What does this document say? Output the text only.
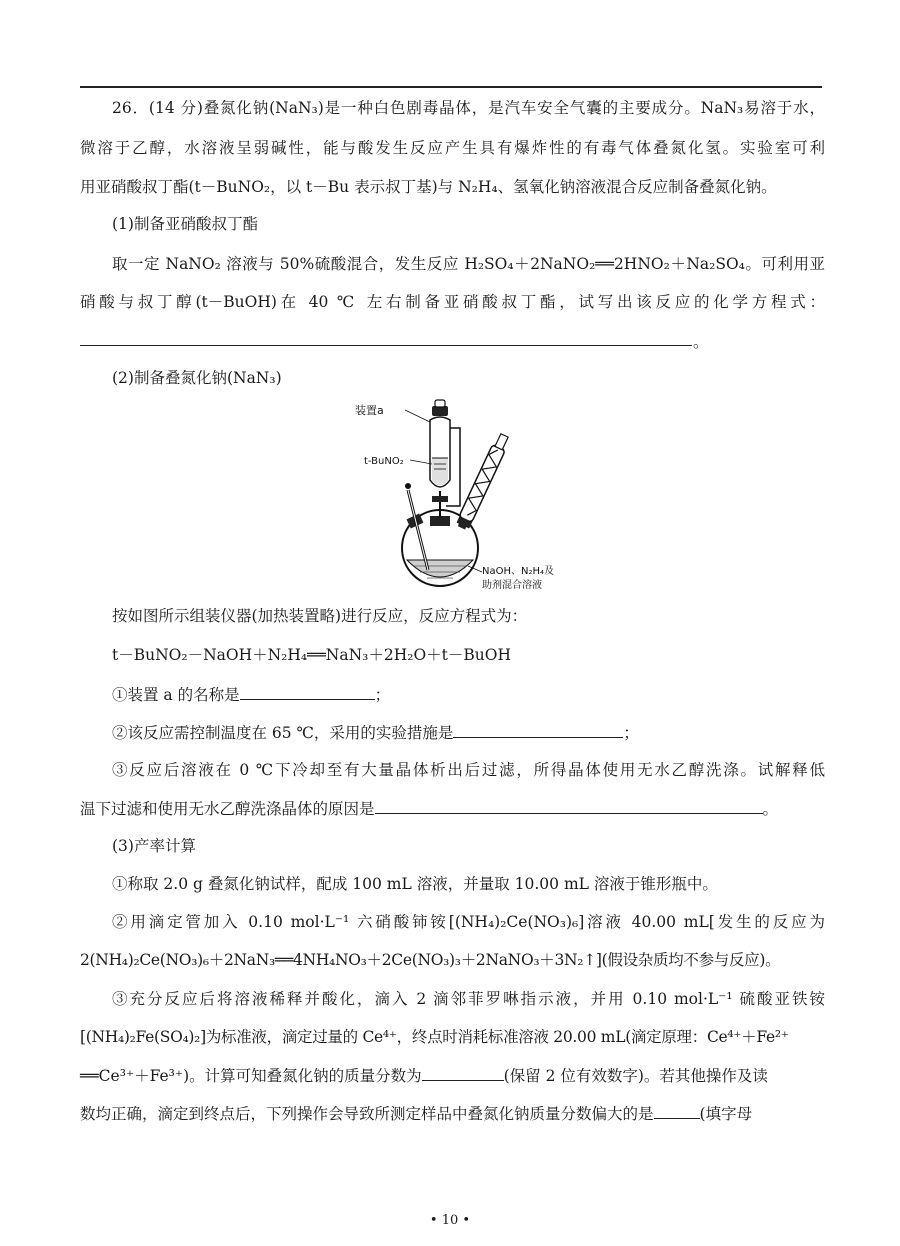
26．(14 分)叠氮化钠(NaN₃)是一种白色剧毒晶体，是汽车安全气囊的主要成分。NaN₃易溶于水，
微溶于乙醇，水溶液呈弱碱性，能与酸发生反应产生具有爆炸性的有毒气体叠氮化氢。实验室可利
用亚硝酸叔丁酯(t－BuNO₂，以 t－Bu 表示叔丁基)与 N₂H₄、氢氧化钠溶液混合反应制备叠氮化钠。
(1)制备亚硝酸叔丁酯
取一定 NaNO₂ 溶液与 50%硫酸混合，发生反应 H₂SO₄＋2NaNO₂══2HNO₂＋Na₂SO₄。可利用亚
硝酸与叔丁醇(t－BuOH)在 40 ℃ 左右制备亚硝酸叔丁酯，试写出该反应的化学方程式：
。
(2)制备叠氮化钠(NaN₃)
装置a
t-BuNO₂
NaOH、N₂H₄及
助剂混合溶液
按如图所示组装仪器(加热装置略)进行反应，反应方程式为：
t－BuNO₂－NaOH＋N₂H₄══NaN₃＋2H₂O＋t－BuOH
①装置 a 的名称是	；
②该反应需控制温度在 65 ℃，采用的实验措施是	；
③反应后溶液在 0 ℃下冷却至有大量晶体析出后过滤，所得晶体使用无水乙醇洗涤。试解释低
温下过滤和使用无水乙醇洗涤晶体的原因是	。
(3)产率计算
①称取 2.0 g 叠氮化钠试样，配成 100 mL 溶液，并量取 10.00 mL 溶液于锥形瓶中。
②用滴定管加入 0.10 mol·L⁻¹ 六硝酸铈铵[(NH₄)₂Ce(NO₃)₆]溶液 40.00 mL[发生的反应为
2(NH₄)₂Ce(NO₃)₆＋2NaN₃══4NH₄NO₃＋2Ce(NO₃)₃＋2NaNO₃＋3N₂↑](假设杂质均不参与反应)。
③充分反应后将溶液稀释并酸化，滴入 2 滴邻菲罗啉指示液，并用 0.10 mol·L⁻¹ 硫酸亚铁铵
[(NH₄)₂Fe(SO₄)₂]为标准液，滴定过量的 Ce⁴⁺，终点时消耗标准溶液 20.00 mL(滴定原理：Ce⁴⁺＋Fe²⁺
══Ce³⁺＋Fe³⁺)。计算可知叠氮化钠的质量分数为	(保留 2 位有效数字)。若其他操作及读
数均正确，滴定到终点后，下列操作会导致所测定样品中叠氮化钠质量分数偏大的是	(填字母
• 10 •
